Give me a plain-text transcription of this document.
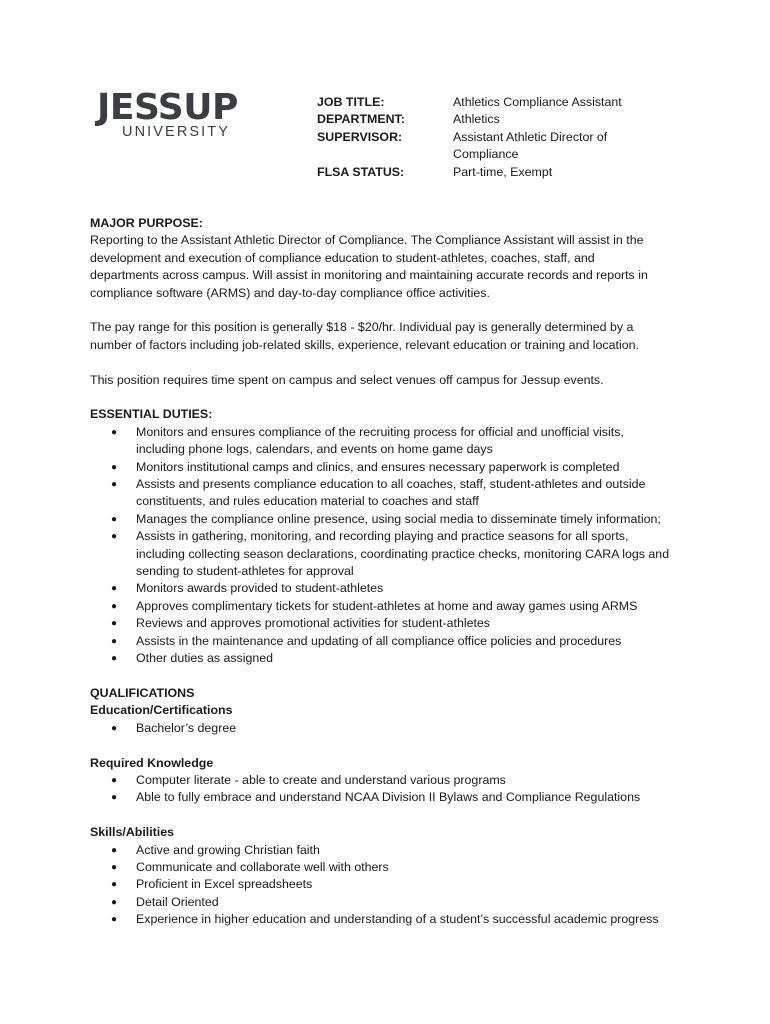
JESSUP
UNIVERSITY
JOB TITLE:	Athletics Compliance Assistant
DEPARTMENT:	Athletics
SUPERVISOR:	Assistant Athletic Director of
Compliance
FLSA STATUS:	Part-time, Exempt

MAJOR PURPOSE:

Reporting to the Assistant Athletic Director of Compliance. The Compliance Assistant will assist in the

development and execution of compliance education to student-athletes, coaches, staff, and

departments across campus. Will assist in monitoring and maintaining accurate records and reports in

compliance software (ARMS) and day-to-day compliance office activities.

The pay range for this position is generally $18 - $20/hr. Individual pay is generally determined by a

number of factors including job-related skills, experience, relevant education or training and location.

This position requires time spent on campus and select venues off campus for Jessup events.

ESSENTIAL DUTIES:

● Monitors and ensures compliance of the recruiting process for official and unofficial visits,
including phone logs, calendars, and events on home game days
● Monitors institutional camps and clinics, and ensures necessary paperwork is completed
● Assists and presents compliance education to all coaches, staff, student-athletes and outside
constituents, and rules education material to coaches and staff
● Manages the compliance online presence, using social media to disseminate timely information;
● Assists in gathering, monitoring, and recording playing and practice seasons for all sports,
including collecting season declarations, coordinating practice checks, monitoring CARA logs and
sending to student-athletes for approval
● Monitors awards provided to student-athletes
● Approves complimentary tickets for student-athletes at home and away games using ARMS
● Reviews and approves promotional activities for student-athletes
● Assists in the maintenance and updating of all compliance office policies and procedures
● Other duties as assigned

QUALIFICATIONS

Education/Certifications

● Bachelor’s degree

Required Knowledge

● Computer literate - able to create and understand various programs
● Able to fully embrace and understand NCAA Division II Bylaws and Compliance Regulations

Skills/Abilities

● Active and growing Christian faith
● Communicate and collaborate well with others
● Proficient in Excel spreadsheets
● Detail Oriented
● Experience in higher education and understanding of a student’s successful academic progress
